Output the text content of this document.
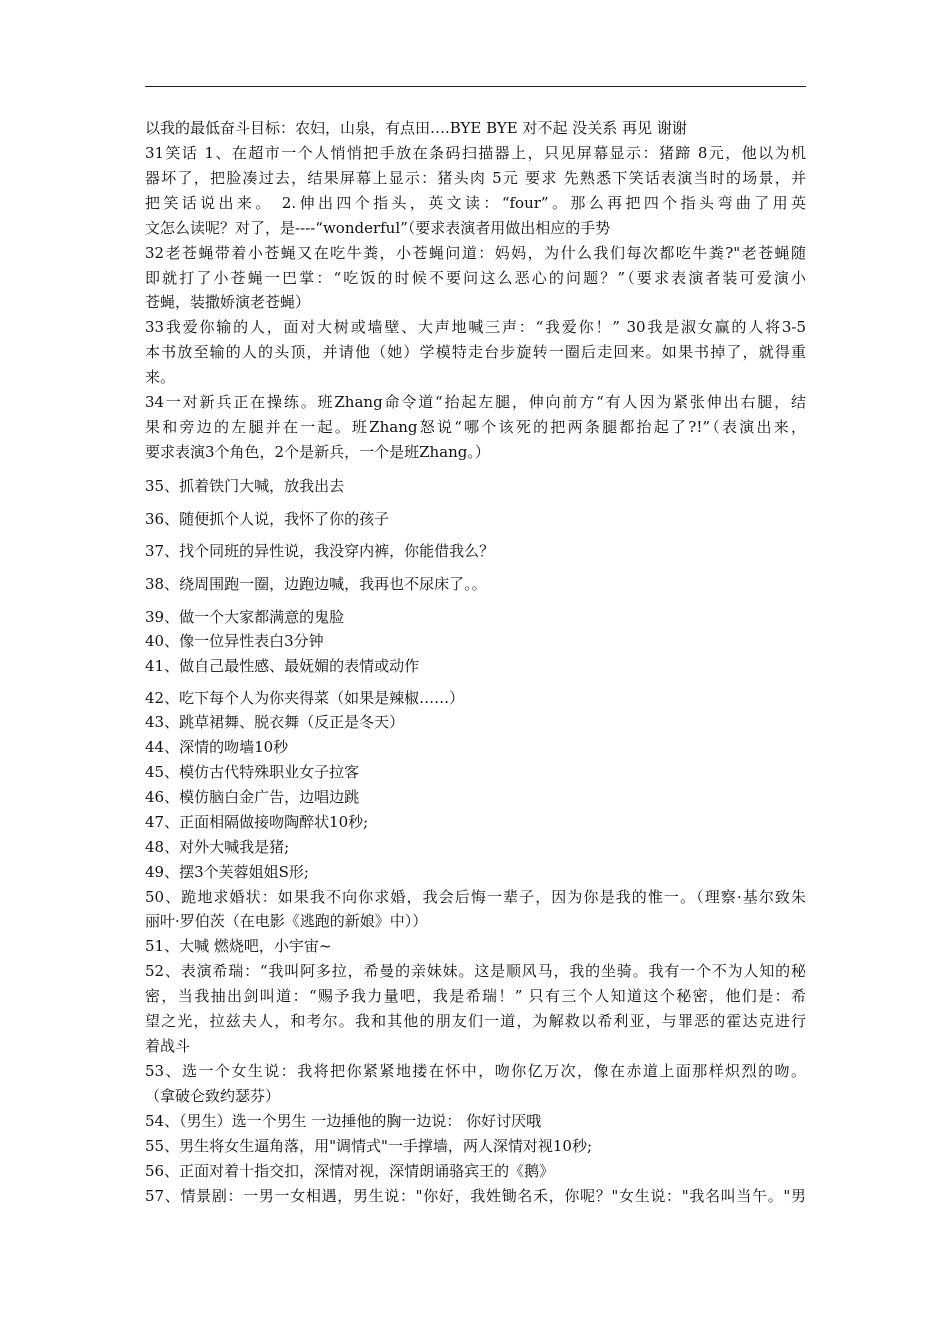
以我的最低奋斗目标：农妇，山泉，有点田….BYE BYE 对不起 没关系 再见 谢谢
31笑话 1、在超市一个人悄悄把手放在条码扫描器上，只见屏幕显示：猪蹄 8元，他以为机
器坏了，把脸凑过去，结果屏幕上显示：猪头肉 5元 要求 先熟悉下笑话表演当时的场景，并
把笑话说出来。 2.伸出四个指头，英文读：“four”。那么再把四个指头弯曲了用英
文怎么读呢？对了，是----“wonderful”（要求表演者用做出相应的手势
32老苍蝇带着小苍蝇又在吃牛粪，小苍蝇问道：妈妈，为什么我们每次都吃牛粪?"老苍蝇随
即就打了小苍蝇一巴掌：“吃饭的时候不要问这么恶心的问题？”（要求表演者装可爱演小
苍蝇，装撒娇演老苍蝇）
33我爱你输的人，面对大树或墙壁、大声地喊三声：“我爱你！” 30我是淑女赢的人将3-5
本书放至输的人的头顶，并请他（她）学模特走台步旋转一圈后走回来。如果书掉了，就得重
来。
34一对新兵正在操练。班Zhang命令道“抬起左腿，伸向前方“有人因为紧张伸出右腿，结
果和旁边的左腿并在一起。班Zhang怒说“哪个该死的把两条腿都抬起了?!”（表演出来，
要求表演3个角色，2个是新兵，一个是班Zhang。）
35、抓着铁门大喊，放我出去
36、随便抓个人说，我怀了你的孩子
37、找个同班的异性说，我没穿内裤，你能借我么？
38、绕周围跑一圈，边跑边喊，我再也不尿床了。。
39、做一个大家都满意的鬼脸
40、像一位异性表白3分钟
41、做自己最性感、最妩媚的表情或动作
42、吃下每个人为你夹得菜（如果是辣椒……）
43、跳草裙舞、脱衣舞（反正是冬天）
44、深情的吻墙10秒
45、模仿古代特殊职业女子拉客
46、模仿脑白金广告，边唱边跳
47、正面相隔做接吻陶醉状10秒;
48、对外大喊我是猪;
49、摆3个芙蓉姐姐S形;
50、跪地求婚状：如果我不向你求婚，我会后悔一辈子，因为你是我的惟一。（理察·基尔致朱
丽叶·罗伯茨（在电影《逃跑的新娘》中））
51、大喊 燃烧吧，小宇宙~
52、表演希瑞：“我叫阿多拉，希曼的亲妹妹。这是顺风马，我的坐骑。我有一个不为人知的秘
密，当我抽出剑叫道：“赐予我力量吧，我是希瑞！” 只有三个人知道这个秘密，他们是：希
望之光，拉兹夫人，和考尔。我和其他的朋友们一道，为解救以希利亚，与罪恶的霍达克进行
着战斗
53、选一个女生说：我将把你紧紧地搂在怀中，吻你亿万次，像在赤道上面那样炽烈的吻。
（拿破仑致约瑟芬）
54、（男生）选一个男生 一边捶他的胸一边说： 你好讨厌哦
55、男生将女生逼角落，用"调情式"一手撑墙，两人深情对视10秒;
56、正面对着十指交扣，深情对视，深情朗诵骆宾王的《鹅》
57、情景剧：一男一女相遇，男生说："你好，我姓锄名禾，你呢？"女生说："我名叫当午。"男
